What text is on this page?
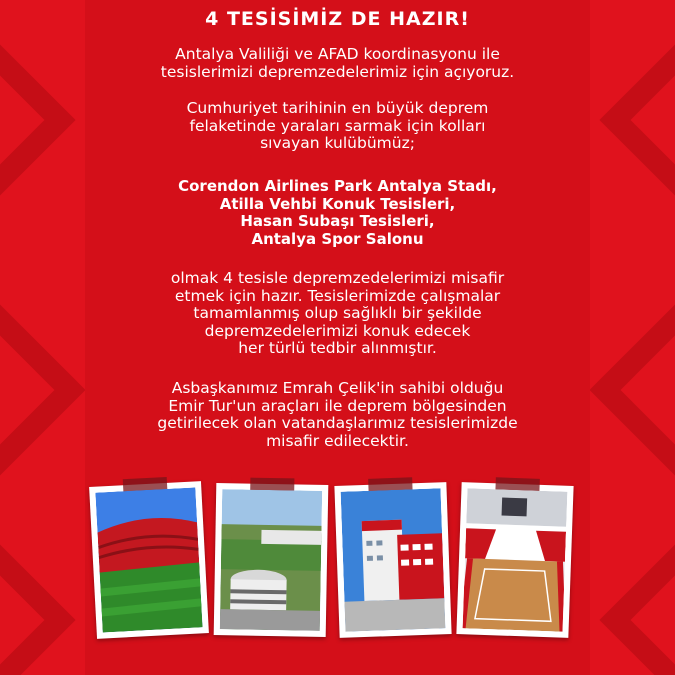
4 TESİSİMİZ DE HAZIR!
Antalya Valiliği ve AFAD koordinasyonu ile
tesislerimizi depremzedelerimiz için açıyoruz.
Cumhuriyet tarihinin en büyük deprem
felaketinde yaraları sarmak için kolları
sıvayan kulübümüz;
Corendon Airlines Park Antalya Stadı,
Atilla Vehbi Konuk Tesisleri,
Hasan Subaşı Tesisleri,
Antalya Spor Salonu
olmak 4 tesisle depremzedelerimizi misafir
etmek için hazır. Tesislerimizde çalışmalar
tamamlanmış olup sağlıklı bir şekilde
depremzedelerimizi konuk edecek
her türlü tedbir alınmıştır.
Asbaşkanımız Emrah Çelik'in sahibi olduğu
Emir Tur'un araçları ile deprem bölgesinden
getirilecek olan vatandaşlarımız tesislerimizde
misafir edilecektir.
